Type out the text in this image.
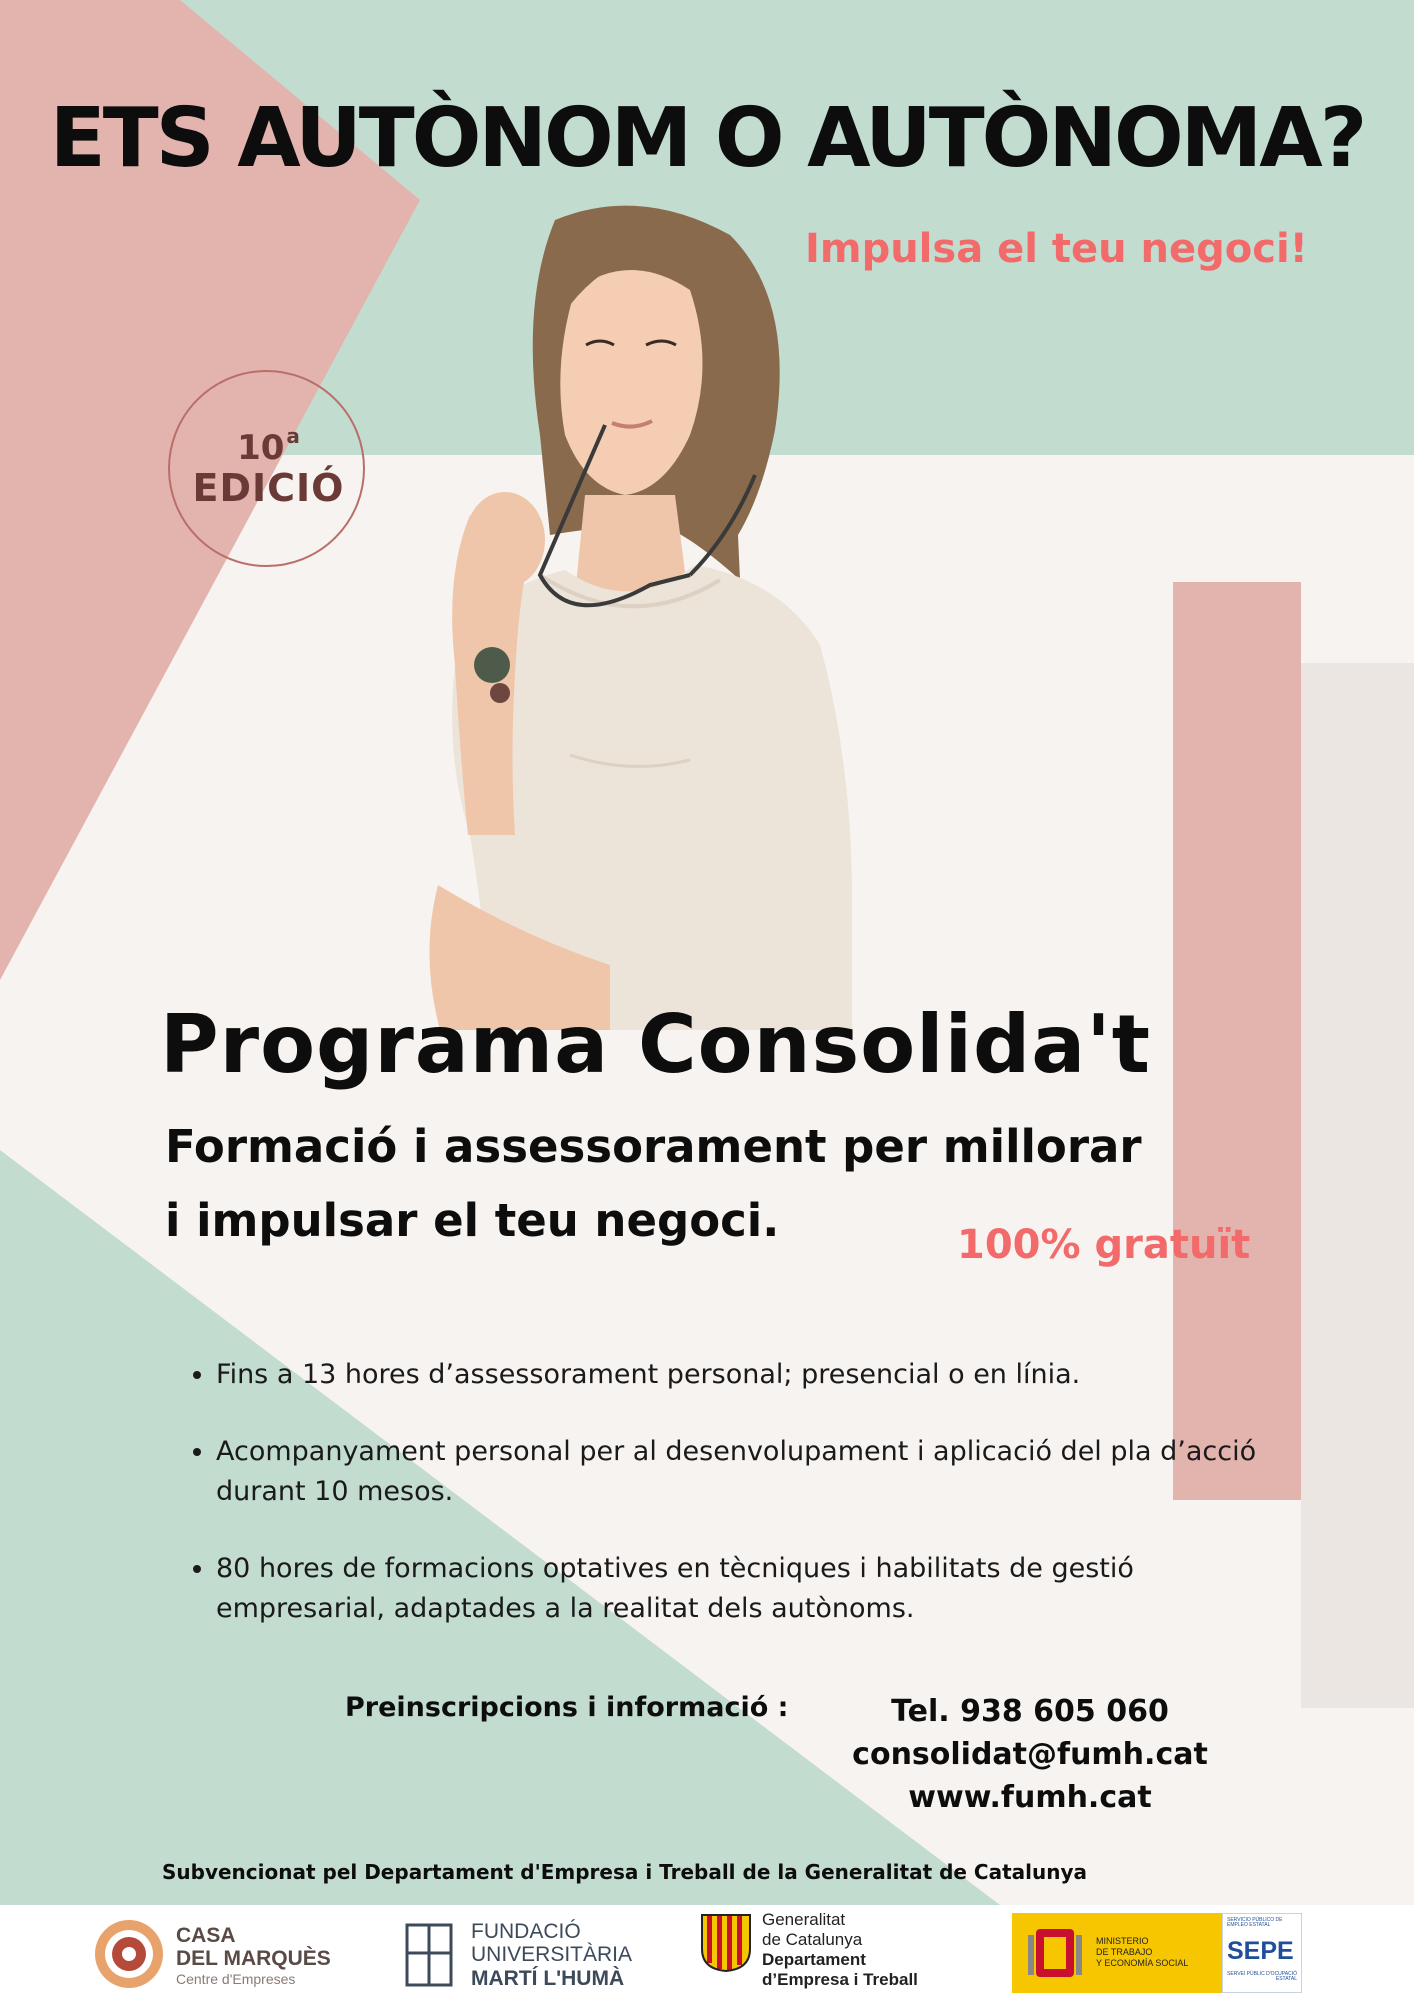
ETS AUTÒNOM O AUTÒNOMA?
Impulsa el teu negoci!
10 $^a$
EDICIÓ
Programa Consolida't
Formació i assessorament per millorar
i impulsar el teu negoci.	100% gratuït
• Fins a 13 hores d’assessorament personal; presencial o en línia.
• Acompanyament personal per al desenvolupament i aplicació del pla d’acció durant 10 mesos.
• 80 hores de formacions optatives en tècniques i habilitats de gestió empresarial, adaptades a la realitat dels autònoms.
Preinscripcions i informació :	Tel. 938 605 060
consolidat@fumh.cat
www.fumh.cat
Subvencionat pel Departament d'Empresa i Treball de la Generalitat de Catalunya
CASA
DEL MARQUÈS
Centre d'Empreses
FUNDACIÓ
UNIVERSITÀRIA
MARTÍ L'HUMÀ
Generalitat
de Catalunya
Departament
d’Empresa i Treball
MINISTERIO
DE TRABAJO
Y ECONOMÍA SOCIAL
SERVICIO PÚBLICO DE EMPLEO ESTATAL
SEPE
SERVEI PÚBLIC D'OCUPACIÓ ESTATAL
